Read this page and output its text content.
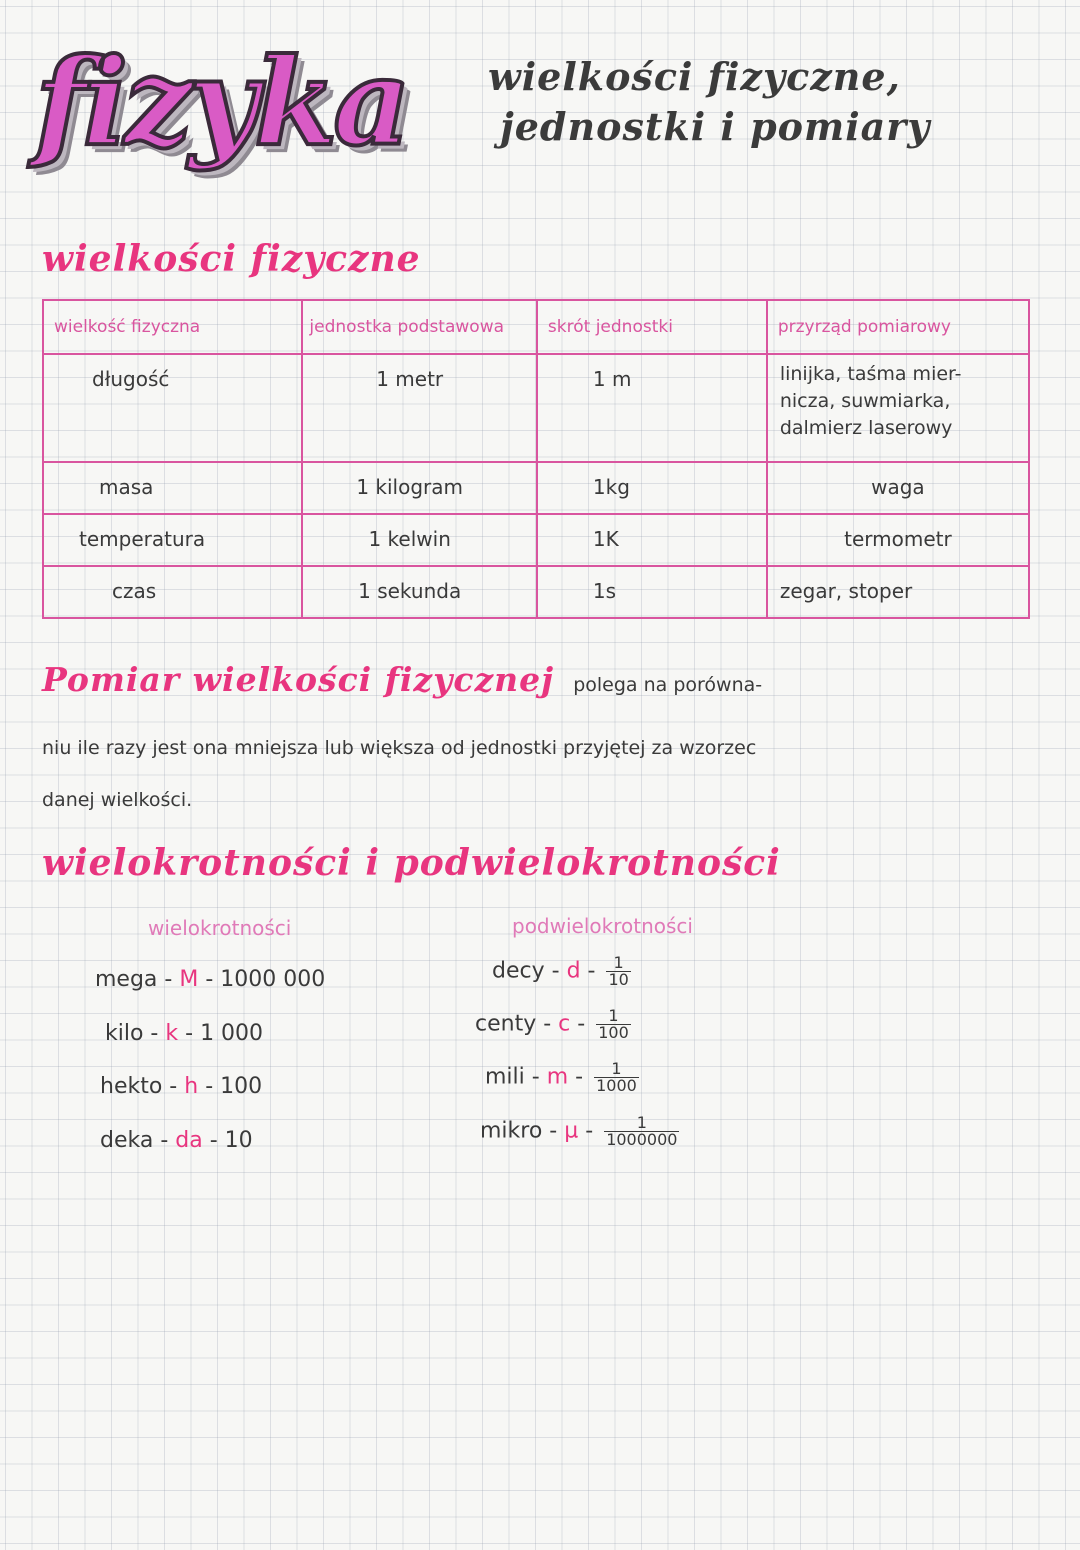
fizyka	wielkości fizyczne,
jednostki i pomiary
wielkości fizyczne
wielkość fizyczna	jednostka podstawowa	skrót jednostki	przyrząd pomiarowy

długość	1 metr	1 m	linijka, taśma mier-
nicza, suwmiarka,
dalmierz laserowy

masa	1 kilogram	1kg	waga

temperatura	1 kelwin	1K	termometr

czas	1 sekunda	1s	zegar, stoper
Pomiar wielkości fizycznej polega na porówna-
niu ile razy jest ona mniejsza lub większa od jednostki przyjętej za wzorzec
danej wielkości.
wielokrotności i podwielokrotności
wielokrotności	podwielokrotności
mega - M - 1000 000
kilo - k - 1 000
hekto - h - 100
deka - da - 10
decy - d - $\frac{1}{10}$
centy - c - $\frac{1}{100}$
mili - m - $\frac{1}{1000}$
mikro - µ - $\frac{1}{1000000}$
